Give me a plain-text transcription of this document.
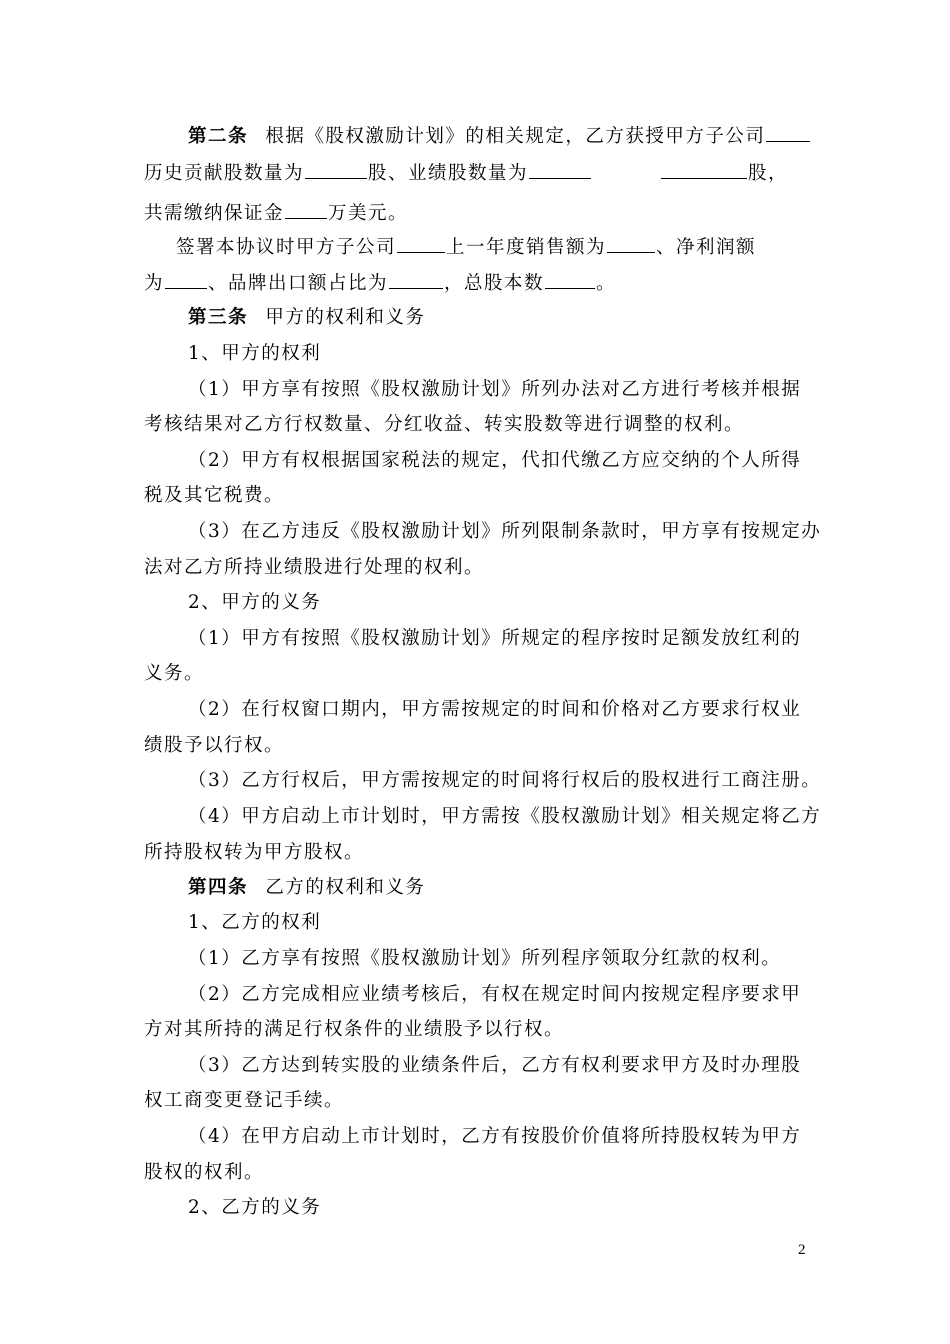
第二条 根据《股权激励计划》的相关规定，乙方获授甲方子公司
历史贡献股数量为	股、业绩股数量为	股，
共需缴纳保证金 万美元。
签署本协议时甲方子公司	上一年度销售额为	、净利润额
为 、品牌出口额占比为	，总股本数	。
第三条 甲方的权利和义务
1、甲方的权利
（1）甲方享有按照《股权激励计划》所列办法对乙方进行考核并根据
考核结果对乙方行权数量、分红收益、转实股数等进行调整的权利。
（2）甲方有权根据国家税法的规定，代扣代缴乙方应交纳的个人所得
税及其它税费。
（3）在乙方违反《股权激励计划》所列限制条款时，甲方享有按规定办
法对乙方所持业绩股进行处理的权利。
2、甲方的义务
（1）甲方有按照《股权激励计划》所规定的程序按时足额发放红利的
义务。
（2）在行权窗口期内，甲方需按规定的时间和价格对乙方要求行权业
绩股予以行权。
（3）乙方行权后，甲方需按规定的时间将行权后的股权进行工商注册。
（4）甲方启动上市计划时，甲方需按《股权激励计划》相关规定将乙方
所持股权转为甲方股权。
第四条 乙方的权利和义务
1、乙方的权利
（1）乙方享有按照《股权激励计划》所列程序领取分红款的权利。
（2）乙方完成相应业绩考核后，有权在规定时间内按规定程序要求甲
方对其所持的满足行权条件的业绩股予以行权。
（3）乙方达到转实股的业绩条件后，乙方有权利要求甲方及时办理股
权工商变更登记手续。
（4）在甲方启动上市计划时，乙方有按股价价值将所持股权转为甲方
股权的权利。
2、乙方的义务
2
